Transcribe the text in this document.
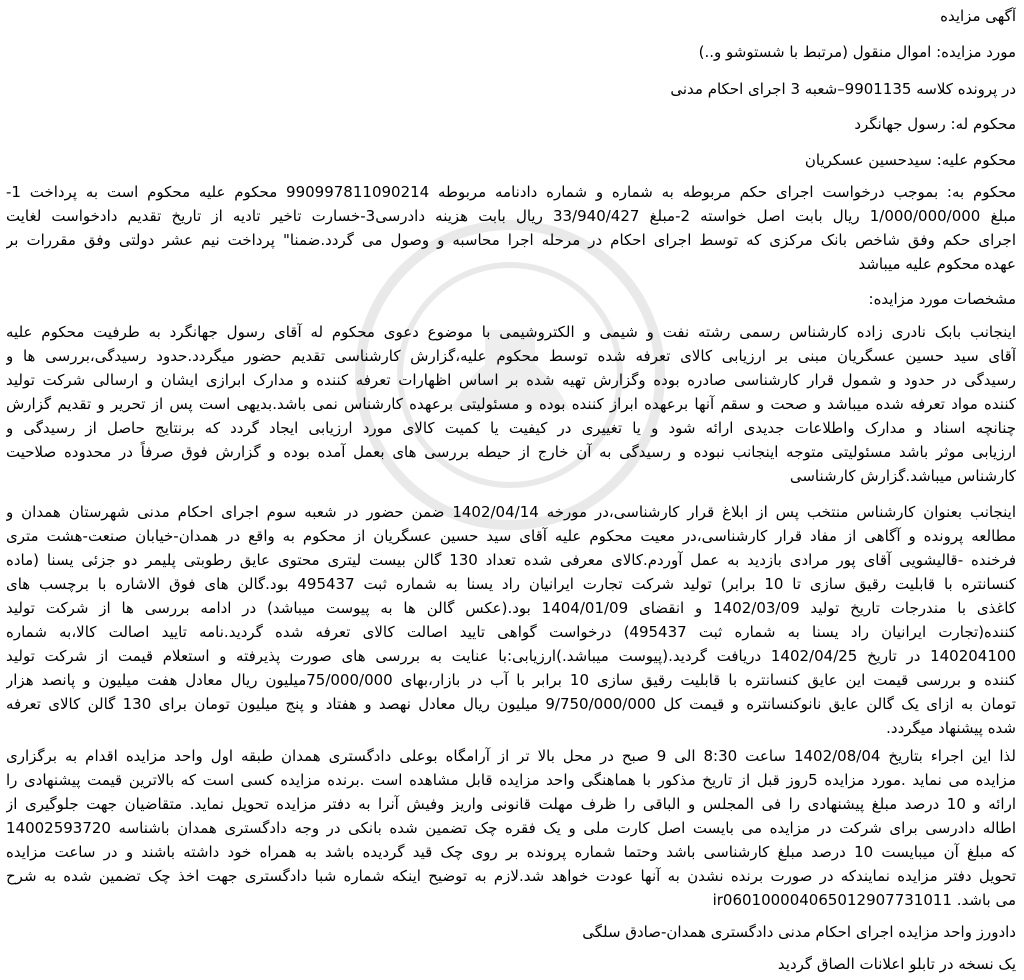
آگهی مزایده
مورد مزایده: اموال منقول (مرتبط با شستوشو و..)
در پرونده کلاسه 9901135–شعبه 3 اجرای احکام مدنی
محکوم له: رسول جهانگرد
محکوم علیه: سیدحسین عسکریان
محکوم به: بموجب درخواست اجرای حکم مربوطه به شماره و شماره دادنامه مربوطه 990997811090214 محکوم علیه محکوم است به پرداخت 1-
مبلغ 1/000/000/000 ریال بابت اصل خواسته 2-مبلغ 33/940/427 ریال بابت هزینه دادرسی3-خسارت تاخیر تادیه از تاریخ تقدیم دادخواست لغایت
اجرای حکم وفق شاخص بانک مرکزی که توسط اجرای احکام در مرحله اجرا محاسبه و وصول می گردد.ضمنا" پرداخت نیم عشر دولتی وفق مقررات بر
عهده محکوم علیه میباشد
مشخصات مورد مزایده:
اینجانب بابک نادری زاده کارشناس رسمی رشته نفت و شیمی و الکتروشیمی با موضوع دعوی محکوم له آقای رسول جهانگرد به طرفیت محکوم علیه
آقای سید حسین عسگریان مبنی بر ارزیابی کالای تعرفه شده توسط محکوم علیه،گزارش کارشناسی تقدیم حضور میگردد.حدود رسیدگی،بررسی ها و
رسیدگی در حدود و شمول قرار کارشناسی صادره بوده وگزارش تهیه شده بر اساس اظهارات تعرفه کننده و مدارک ابرازی ایشان و ارسالی شرکت تولید
کننده مواد تعرفه شده میباشد و صحت و سقم آنها برعهده ابراز کننده بوده و مسئولیتی برعهده کارشناس نمی باشد.بدیهی است پس از تحریر و تقدیم گزارش
چنانچه اسناد و مدارک واطلاعات جدیدی ارائه شود و یا تغییری در کیفیت یا کمیت کالای مورد ارزیابی ایجاد گردد که برنتایج حاصل از رسیدگی و
ارزیابی موثر باشد مسئولیتی متوجه اینجانب نبوده و رسیدگی به آن خارج از حیطه بررسی های بعمل آمده بوده و گزارش فوق صرفاً در محدوده صلاحیت
کارشناس میباشد.گزارش کارشناسی
اینجانب بعنوان کارشناس منتخب پس از ابلاغ قرار کارشناسی،در مورخه 1402/04/14 ضمن حضور در شعبه سوم اجرای احکام مدنی شهرستان همدان و
مطالعه پرونده و آگاهی از مفاد قرار کارشناسی،در معیت محکوم علیه آقای سید حسین عسگریان از محکوم به واقع در همدان-خیابان صنعت-هشت متری
فرخنده -قالیشویی آقای پور مرادی بازدید به عمل آوردم.کالای معرفی شده تعداد 130 گالن بیست لیتری محتوی عایق رطوبتی پلیمر دو جزئی یسنا (ماده
کنسانتره با قابلیت رقیق سازی تا 10 برابر) تولید شرکت تجارت ایرانیان راد یسنا به شماره ثبت 495437 بود.گالن های فوق الاشاره با برچسب های
کاغذی با مندرجات تاریخ تولید 1402/03/09 و انقضای 1404/01/09 بود.(عکس گالن ها به پیوست میباشد) در ادامه بررسی ها از شرکت تولید
کننده(تجارت ایرانیان راد یسنا به شماره ثبت 495437) درخواست گواهی تایید اصالت کالای تعرفه شده گردید.نامه تایید اصالت کالا،به شماره
140204100 در تاریخ 1402/04/25 دریافت گردید.(پیوست میباشد.)ارزیابی:با عنایت به بررسی های صورت پذیرفته و استعلام قیمت از شرکت تولید
کننده و بررسی قیمت این عایق کنسانتره با قابلیت رقیق سازی 10 برابر با آب در بازار،بهای 75/000/000میلیون ریال معادل هفت میلیون و پانصد هزار
تومان به ازای یک گالن عایق نانوکنسانتره و قیمت کل 9/750/000/000 میلیون ریال معادل نهصد و هفتاد و پنج میلیون تومان برای 130 گالن کالای تعرفه
شده پیشنهاد میگردد.
لذا این اجراء بتاریخ 1402/08/04 ساعت 8:30 الی 9 صبح در محل بالا تر از آرامگاه بوعلی دادگستری همدان طبقه اول واحد مزایده اقدام به برگزاری
مزایده می نماید .مورد مزایده 5روز قبل از تاریخ مذکور با هماهنگی واحد مزایده قابل مشاهده است .برنده مزایده کسی است که بالاترین قیمت پیشنهادی را
ارائه و 10 درصد مبلغ پیشنهادی را فی المجلس و الباقی را ظرف مهلت قانونی واریز وفیش آنرا به دفتر مزایده تحویل نماید. متقاضیان جهت جلوگیری از
اطاله دادرسی برای شرکت در مزایده می بایست اصل کارت ملی و یک فقره چک تضمین شده بانکی در وجه دادگستری همدان باشناسه 14002593720
که مبلغ آن میبایست 10 درصد مبلغ کارشناسی باشد وحتما شماره پرونده بر روی چک قید گردیده باشد به همراه خود داشته باشند و در ساعت مزایده
تحویل دفتر مزایده نمایندکه در صورت برنده نشدن به آنها عودت خواهد شد.لازم به توضیح اینکه شماره شبا دادگستری جهت اخذ چک تضمین شده به شرح
می باشد. ir060100004065012907731011
دادورز واحد مزایده اجرای احکام مدنی دادگستری همدان-صادق سلگی
یک نسخه در تابلو اعلانات الصاق گردید
